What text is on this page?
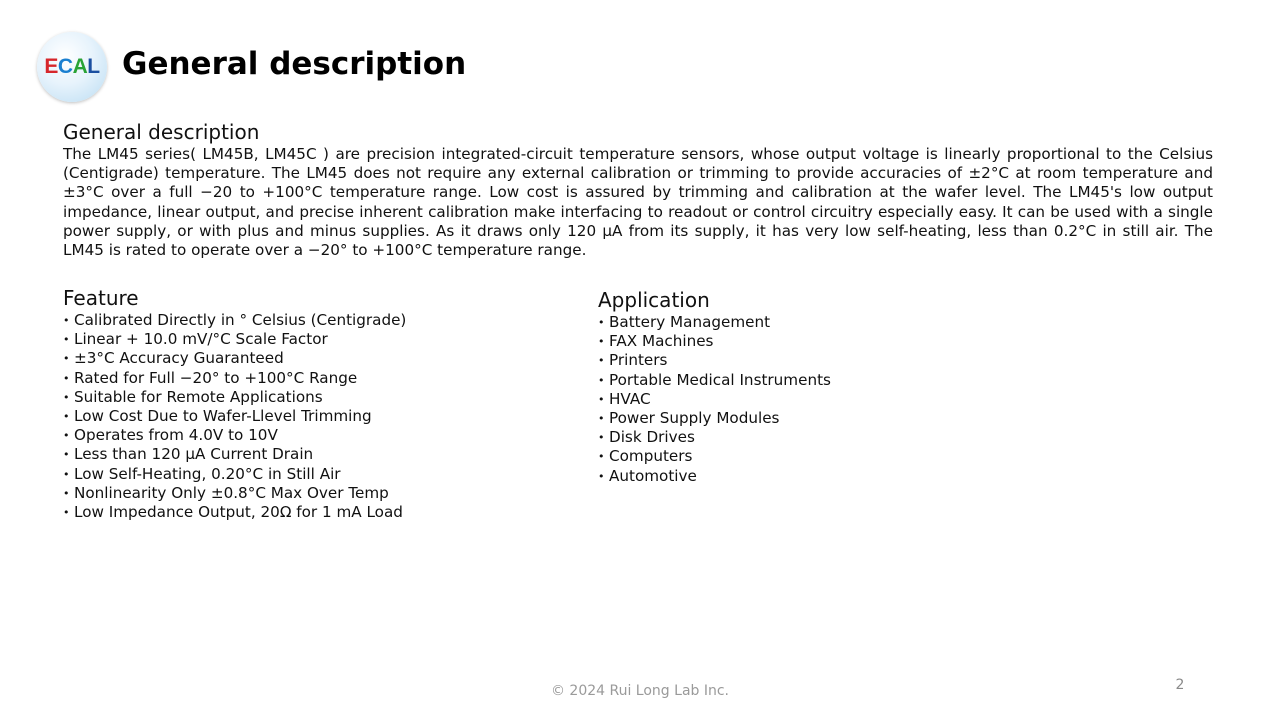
ECAL General description
General description

The LM45 series( LM45B, LM45C ) are precision integrated-circuit temperature sensors, whose output voltage is linearly proportional to the Celsius (Centigrade) temperature. The LM45 does not require any external calibration or trimming to provide accuracies of ±2°C at room temperature and ±3°C over a full −20 to +100°C temperature range. Low cost is assured by trimming and calibration at the wafer level. The LM45's low output impedance, linear output, and precise inherent calibration make interfacing to readout or control circuitry especially easy. It can be used with a single power supply, or with plus and minus supplies. As it draws only 120 μA from its supply, it has very low self-heating, less than 0.2°C in still air. The LM45 is rated to operate over a −20° to +100°C temperature range.

Feature
• Calibrated Directly in ° Celsius (Centigrade)
• Linear + 10.0 mV/°C Scale Factor
• ±3°C Accuracy Guaranteed
• Rated for Full −20° to +100°C Range
• Suitable for Remote Applications
• Low Cost Due to Wafer-Llevel Trimming
• Operates from 4.0V to 10V
• Less than 120 μA Current Drain
• Low Self-Heating, 0.20°C in Still Air
• Nonlinearity Only ±0.8°C Max Over Temp
• Low Impedance Output, 20Ω for 1 mA Load
Application
• Battery Management
• FAX Machines
• Printers
• Portable Medical Instruments
• HVAC
• Power Supply Modules
• Disk Drives
• Computers
• Automotive
© 2024 Rui Long Lab Inc.	2
